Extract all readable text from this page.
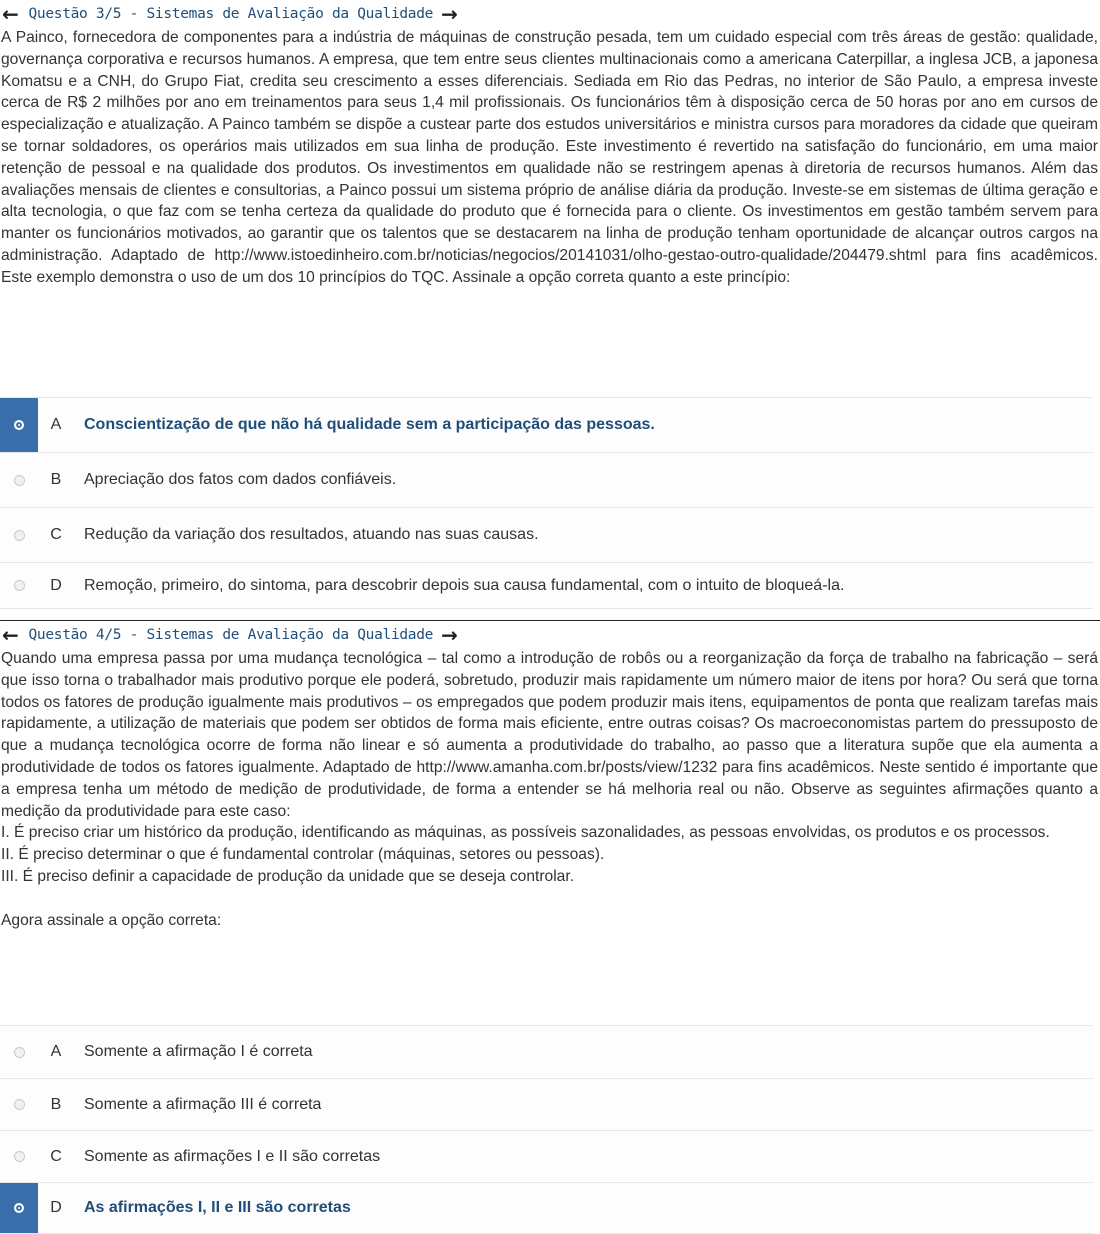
← Questão 3/5 - Sistemas de Avaliação da Qualidade →

A Painco, fornecedora de componentes para a indústria de máquinas de construção pesada, tem um cuidado especial com três áreas de gestão: qualidade, governança corporativa e recursos humanos. A empresa, que tem entre seus clientes multinacionais como a americana Caterpillar, a inglesa JCB, a japonesa Komatsu e a CNH, do Grupo Fiat, credita seu crescimento a esses diferenciais. Sediada em Rio das Pedras, no interior de São Paulo, a empresa investe cerca de R$ 2 milhões por ano em treinamentos para seus 1,4 mil profissionais. Os funcionários têm à disposição cerca de 50 horas por ano em cursos de especialização e atualização. A Painco também se dispõe a custear parte dos estudos universitários e ministra cursos para moradores da cidade que queiram se tornar soldadores, os operários mais utilizados em sua linha de produção. Este investimento é revertido na satisfação do funcionário, em uma maior retenção de pessoal e na qualidade dos produtos. Os investimentos em qualidade não se restringem apenas à diretoria de recursos humanos. Além das avaliações mensais de clientes e consultorias, a Painco possui um sistema próprio de análise diária da produção. Investe-se em sistemas de última geração e alta tecnologia, o que faz com se tenha certeza da qualidade do produto que é fornecida para o cliente. Os investimentos em gestão também servem para manter os funcionários motivados, ao garantir que os talentos que se destacarem na linha de produção tenham oportunidade de alcançar outros cargos na administração. Adaptado de http://www.istoedinheiro.com.br/noticias/negocios/20141031/olho-gestao-outro-qualidade/204479.shtml para fins acadêmicos. Este exemplo demonstra o uso de um dos 10 princípios do TQC. Assinale a opção correta quanto a este princípio:

A	Conscientização de que não há qualidade sem a participação das pessoas.
B	Apreciação dos fatos com dados confiáveis.
C	Redução da variação dos resultados, atuando nas suas causas.
D	Remoção, primeiro, do sintoma, para descobrir depois sua causa fundamental, com o intuito de bloqueá-la.
← Questão 4/5 - Sistemas de Avaliação da Qualidade →

Quando uma empresa passa por uma mudança tecnológica – tal como a introdução de robôs ou a reorganização da força de trabalho na fabricação – será que isso torna o trabalhador mais produtivo porque ele poderá, sobretudo, produzir mais rapidamente um número maior de itens por hora? Ou será que torna todos os fatores de produção igualmente mais produtivos – os empregados que podem produzir mais itens, equipamentos de ponta que realizam tarefas mais rapidamente, a utilização de materiais que podem ser obtidos de forma mais eficiente, entre outras coisas? Os macroeconomistas partem do pressuposto de que a mudança tecnológica ocorre de forma não linear e só aumenta a produtividade do trabalho, ao passo que a literatura supõe que ela aumenta a produtividade de todos os fatores igualmente. Adaptado de http://www.amanha.com.br/posts/view/1232 para fins acadêmicos. Neste sentido é importante que a empresa tenha um método de medição de produtividade, de forma a entender se há melhoria real ou não. Observe as seguintes afirmações quanto a medição da produtividade para este caso:

I. É preciso criar um histórico da produção, identificando as máquinas, as possíveis sazonalidades, as pessoas envolvidas, os produtos e os processos.

II. É preciso determinar o que é fundamental controlar (máquinas, setores ou pessoas).

III. É preciso definir a capacidade de produção da unidade que se deseja controlar.

Agora assinale a opção correta:

A	Somente a afirmação I é correta
B	Somente a afirmação III é correta
C	Somente as afirmações I e II são corretas
D	As afirmações I, II e III são corretas
